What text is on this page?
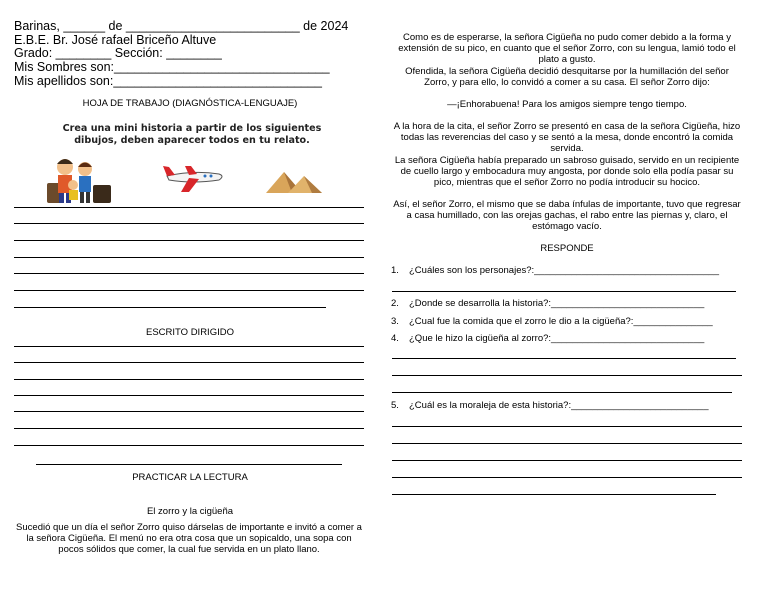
Barinas, ______ de _________________________ de 2024
E.B.E. Br. José rafael Briceño Altuve
Grado: ________ Sección: ________
Mis Sombres son:_______________________________
Mis apellidos son:______________________________
HOJA DE TRABAJO (DIAGNÓSTICA-LENGUAJE)
Crea una mini historia a partir de los siguientes dibujos, deben aparecer todos en tu relato.
ESCRITO DIRIGIDO
PRACTICAR LA LECTURA
El zorro y la cigüeña
Sucedió que un día el señor Zorro quiso dárselas de importante e invitó a comer a la señora Cigüeña. El menú no era otra cosa que un sopicaldo, una sopa con pocos sólidos que comer, la cual fue servida en un plato llano.
Como es de esperarse, la señora Cigüeña no pudo comer debido a la forma y extensión de su pico, en cuanto que el señor Zorro, con su lengua, lamió todo el plato a gusto.
Ofendida, la señora Cigüeña decidió desquitarse por la humillación del señor Zorro, y para ello, lo convidó a comer a su casa. El señor Zorro dijo:
—¡Enhorabuena! Para los amigos siempre tengo tiempo.
A la hora de la cita, el señor Zorro se presentó en casa de la señora Cigüeña, hizo todas las reverencias del caso y se sentó a la mesa, donde encontró la comida servida.
La señora Cigüeña había preparado un sabroso guisado, servido en un recipiente de cuello largo y embocadura muy angosta, por donde solo ella podía pasar su pico, mientras que el señor Zorro no podía introducir su hocico.
Así, el señor Zorro, el mismo que se daba ínfulas de importante, tuvo que regresar a casa humillado, con las orejas gachas, el rabo entre las piernas y, claro, el estómago vacío.
RESPONDE
1. ¿Cuáles son los personajes?:___________________________________
2. ¿Donde se desarrolla la historia?:_____________________________
3. ¿Cual fue la comida que el zorro le dio a la cigüeña?:_______________
4. ¿Que le hizo la cigüeña al zorro?:_____________________________
5. ¿Cuál es la moraleja de esta historia?:__________________________
